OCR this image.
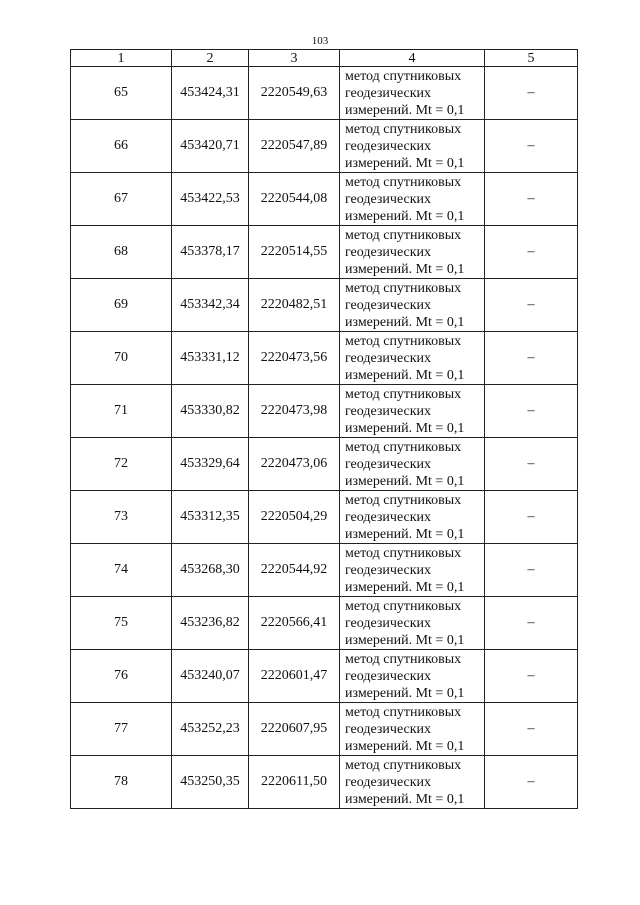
103
1	2	3	4	5
65	453424,31	2220549,63	метод спутниковых
геодезических
измерений. Mt = 0,1	–
66	453420,71	2220547,89	метод спутниковых
геодезических
измерений. Mt = 0,1	–
67	453422,53	2220544,08	метод спутниковых
геодезических
измерений. Mt = 0,1	–
68	453378,17	2220514,55	метод спутниковых
геодезических
измерений. Mt = 0,1	–
69	453342,34	2220482,51	метод спутниковых
геодезических
измерений. Mt = 0,1	–
70	453331,12	2220473,56	метод спутниковых
геодезических
измерений. Mt = 0,1	–
71	453330,82	2220473,98	метод спутниковых
геодезических
измерений. Mt = 0,1	–
72	453329,64	2220473,06	метод спутниковых
геодезических
измерений. Mt = 0,1	–
73	453312,35	2220504,29	метод спутниковых
геодезических
измерений. Mt = 0,1	–
74	453268,30	2220544,92	метод спутниковых
геодезических
измерений. Mt = 0,1	–
75	453236,82	2220566,41	метод спутниковых
геодезических
измерений. Mt = 0,1	–
76	453240,07	2220601,47	метод спутниковых
геодезических
измерений. Mt = 0,1	–
77	453252,23	2220607,95	метод спутниковых
геодезических
измерений. Mt = 0,1	–
78	453250,35	2220611,50	метод спутниковых
геодезических
измерений. Mt = 0,1	–
